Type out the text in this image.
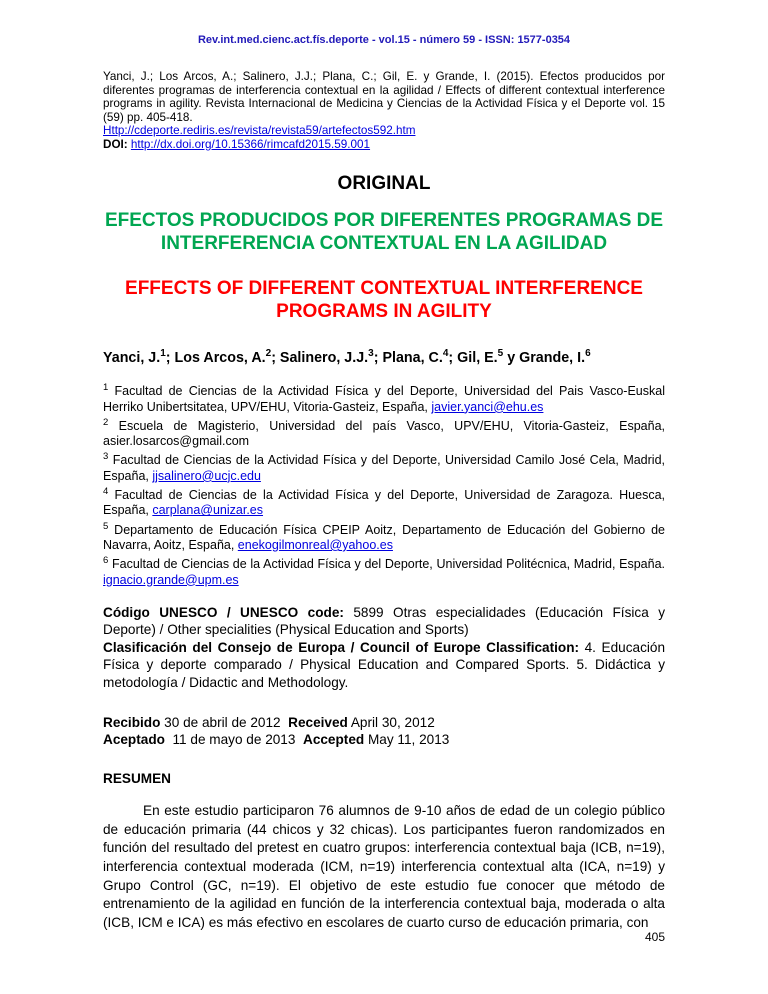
Rev.int.med.cienc.act.fís.deporte - vol.15 - número 59 - ISSN: 1577-0354

Yanci, J.; Los Arcos, A.; Salinero, J.J.; Plana, C.; Gil, E. y Grande, I. (2015). Efectos producidos por diferentes programas de interferencia contextual en la agilidad / Effects of different contextual interference programs in agility. Revista Internacional de Medicina y Ciencias de la Actividad Física y el Deporte vol. 15 (59) pp. 405-418.
Http://cdeporte.rediris.es/revista/revista59/artefectos592.htm
DOI: http://dx.doi.org/10.15366/rimcafd2015.59.001

ORIGINAL
EFECTOS PRODUCIDOS POR DIFERENTES PROGRAMAS DE INTERFERENCIA CONTEXTUAL EN LA AGILIDAD
EFFECTS OF DIFFERENT CONTEXTUAL INTERFERENCE PROGRAMS IN AGILITY

Yanci, J.$^1$; Los Arcos, A.$^2$; Salinero, J.J.$^3$; Plana, C.$^4$; Gil, E.$^5$ y Grande, I.$^6$

$^1$ Facultad de Ciencias de la Actividad Física y del Deporte, Universidad del Pais Vasco-Euskal Herriko Unibertsitatea, UPV/EHU, Vitoria-Gasteiz, España, javier.yanci@ehu.es

$^2$ Escuela de Magisterio, Universidad del país Vasco, UPV/EHU, Vitoria-Gasteiz, España, asier.losarcos@gmail.com

$^3$ Facultad de Ciencias de la Actividad Física y del Deporte, Universidad Camilo José Cela, Madrid, España, jjsalinero@ucjc.edu

$^4$ Facultad de Ciencias de la Actividad Física y del Deporte, Universidad de Zaragoza. Huesca, España, carplana@unizar.es

$^5$ Departamento de Educación Física CPEIP Aoitz, Departamento de Educación del Gobierno de Navarra, Aoitz, España, enekogilmonreal@yahoo.es

$^6$ Facultad de Ciencias de la Actividad Física y del Deporte, Universidad Politécnica, Madrid, España. ignacio.grande@upm.es

Código UNESCO / UNESCO code: 5899 Otras especialidades (Educación Física y Deporte) / Other specialities (Physical Education and Sports)
Clasificación del Consejo de Europa / Council of Europe Classification: 4. Educación Física y deporte comparado / Physical Education and Compared Sports. 5. Didáctica y metodología / Didactic and Methodology.

Recibido 30 de abril de 2012  Received April 30, 2012
Aceptado  11 de mayo de 2013  Accepted May 11, 2013

RESUMEN

En este estudio participaron 76 alumnos de 9-10 años de edad de un colegio público de educación primaria (44 chicos y 32 chicas). Los participantes fueron randomizados en función del resultado del pretest en cuatro grupos: interferencia contextual baja (ICB, n=19), interferencia contextual moderada (ICM, n=19) interferencia contextual alta (ICA, n=19) y Grupo Control (GC, n=19). El objetivo de este estudio fue conocer que método de entrenamiento de la agilidad en función de la interferencia contextual baja, moderada o alta (ICB, ICM e ICA) es más efectivo en escolares de cuarto curso de educación primaria, con

405
